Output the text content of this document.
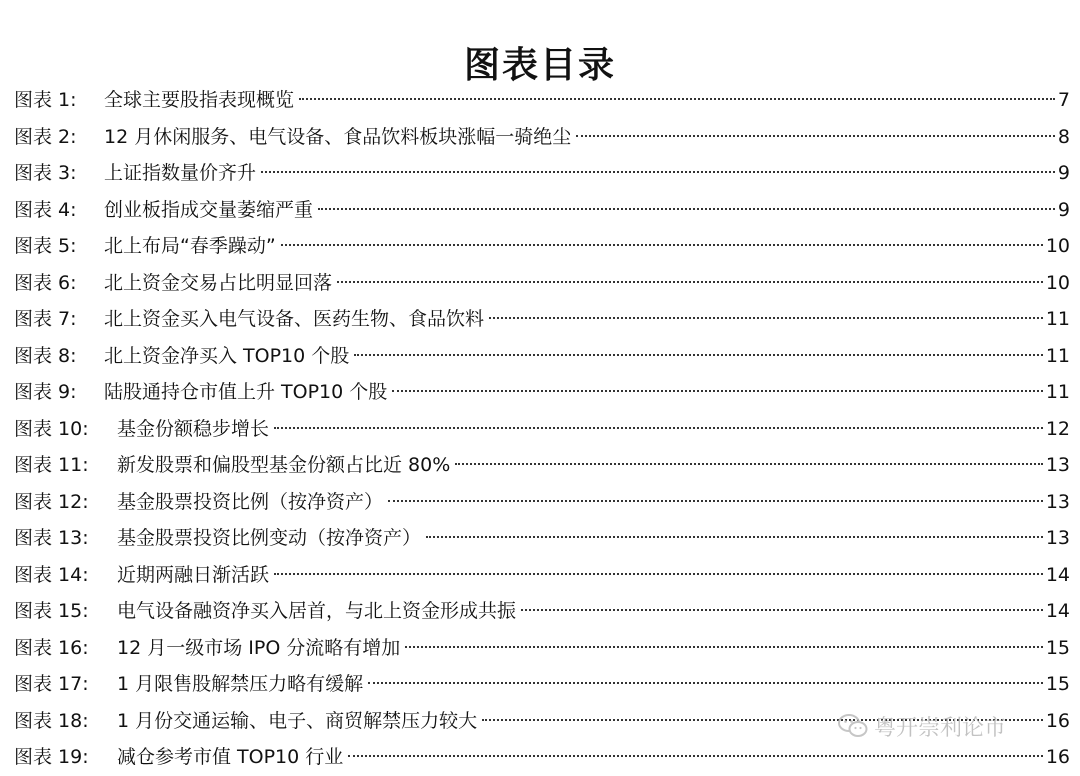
图表目录
图表 1:	全球主要股指表现概览	7
图表 2:	12 月休闲服务、电气设备、食品饮料板块涨幅一骑绝尘	8
图表 3:	上证指数量价齐升	9
图表 4:	创业板指成交量萎缩严重	9
图表 5:	北上布局“春季躁动”	10
图表 6:	北上资金交易占比明显回落	10
图表 7:	北上资金买入电气设备、医药生物、食品饮料	11
图表 8:	北上资金净买入 TOP10 个股	11
图表 9:	陆股通持仓市值上升 TOP10 个股	11
图表 10:	基金份额稳步增长	12
图表 11:	新发股票和偏股型基金份额占比近 80%	13
图表 12:	基金股票投资比例（按净资产）	13
图表 13:	基金股票投资比例变动（按净资产）	13
图表 14:	近期两融日渐活跃	14
图表 15:	电气设备融资净买入居首，与北上资金形成共振	14
图表 16:	12 月一级市场 IPO 分流略有增加	15
图表 17:	1 月限售股解禁压力略有缓解	15
图表 18:	1 月份交通运输、电子、商贸解禁压力较大	16
图表 19:	减仓参考市值 TOP10 行业	16
粤开崇利论市
